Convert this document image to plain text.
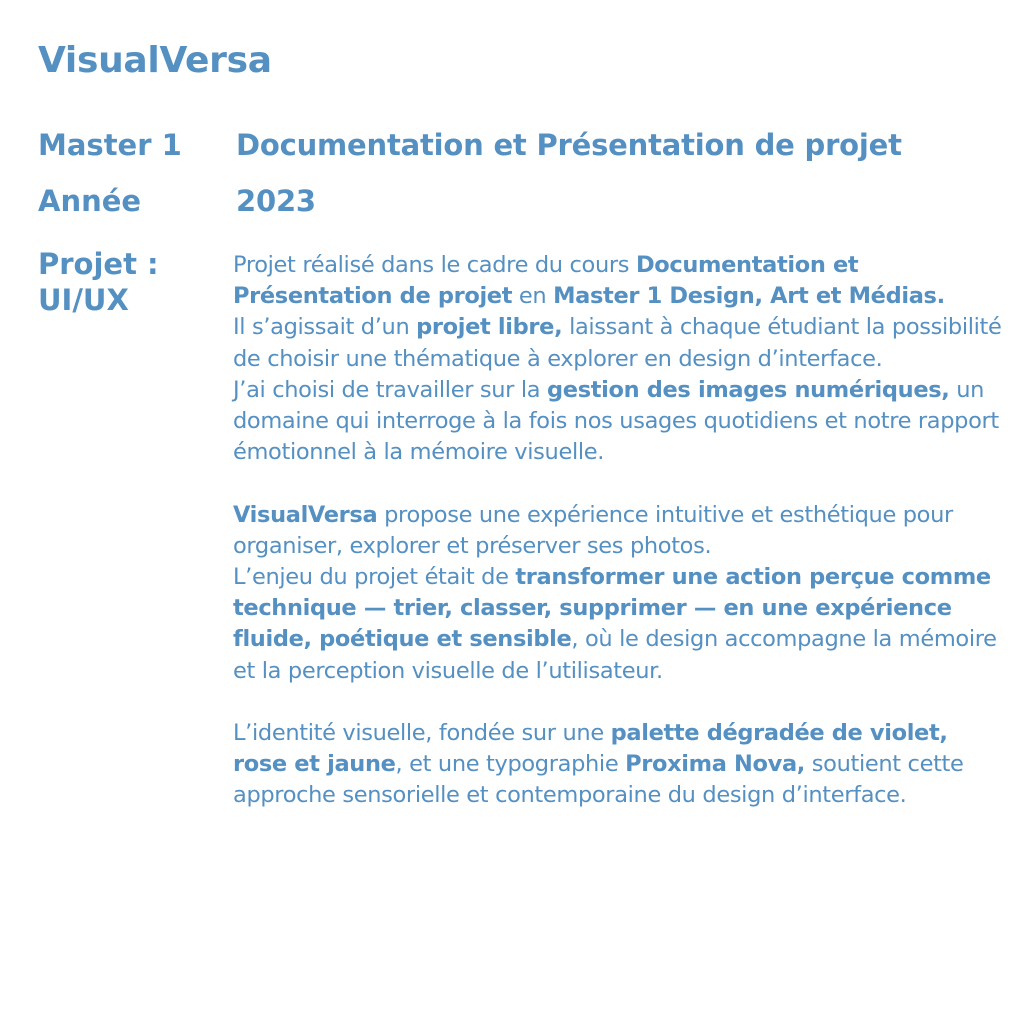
VisualVersa
Master 1 Documentation et Présentation de projet
Année	2023
Projet :
UI/UX

Projet réalisé dans le cadre du cours Documentation et Présentation de projet en Master 1 Design, Art et Médias.
Il s’agissait d’un projet libre, laissant à chaque étudiant la possibilité de choisir une thématique à explorer en design d’interface.
J’ai choisi de travailler sur la gestion des images numériques, un domaine qui interroge à la fois nos usages quotidiens et notre rapport émotionnel à la mémoire visuelle.

VisualVersa propose une expérience intuitive et esthétique pour organiser, explorer et préserver ses photos.
L’enjeu du projet était de transformer une action perçue comme technique — trier, classer, supprimer — en une expérience fluide, poétique et sensible, où le design accompagne la mémoire et la perception visuelle de l’utilisateur.

L’identité visuelle, fondée sur une palette dégradée de violet, rose et jaune, et une typographie Proxima Nova, soutient cette approche sensorielle et contemporaine du design d’interface.
